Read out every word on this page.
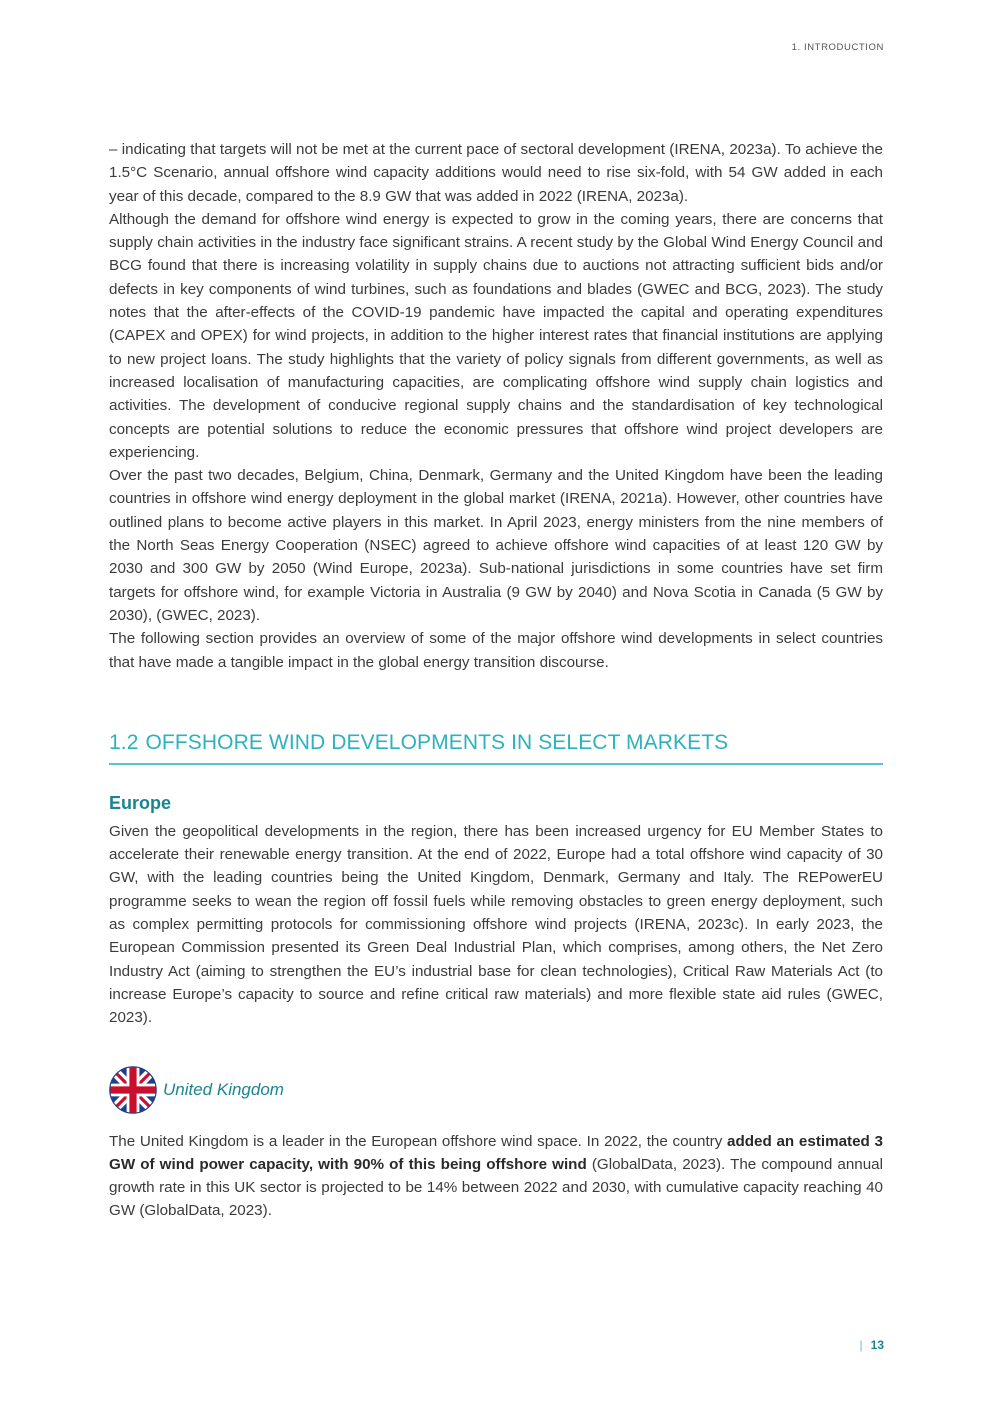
1. INTRODUCTION

– indicating that targets will not be met at the current pace of sectoral development (IRENA, 2023a). To achieve the 1.5°C Scenario, annual offshore wind capacity additions would need to rise six-fold, with 54 GW added in each year of this decade, compared to the 8.9 GW that was added in 2022 (IRENA, 2023a).

Although the demand for offshore wind energy is expected to grow in the coming years, there are concerns that supply chain activities in the industry face significant strains. A recent study by the Global Wind Energy Council and BCG found that there is increasing volatility in supply chains due to auctions not attracting sufficient bids and/or defects in key components of wind turbines, such as foundations and blades (GWEC and BCG, 2023). The study notes that the after-effects of the COVID-19 pandemic have impacted the capital and operating expenditures (CAPEX and OPEX) for wind projects, in addition to the higher interest rates that financial institutions are applying to new project loans. The study highlights that the variety of policy signals from different governments, as well as increased localisation of manufacturing capacities, are complicating offshore wind supply chain logistics and activities. The development of conducive regional supply chains and the standardisation of key technological concepts are potential solutions to reduce the economic pressures that offshore wind project developers are experiencing.

Over the past two decades, Belgium, China, Denmark, Germany and the United Kingdom have been the leading countries in offshore wind energy deployment in the global market (IRENA, 2021a). However, other countries have outlined plans to become active players in this market. In April 2023, energy ministers from the nine members of the North Seas Energy Cooperation (NSEC) agreed to achieve offshore wind capacities of at least 120 GW by 2030 and 300 GW by 2050 (Wind Europe, 2023a). Sub-national jurisdictions in some countries have set firm targets for offshore wind, for example Victoria in Australia (9 GW by 2040) and Nova Scotia in Canada (5 GW by 2030), (GWEC, 2023).

The following section provides an overview of some of the major offshore wind developments in select countries that have made a tangible impact in the global energy transition discourse.

1.2 OFFSHORE WIND DEVELOPMENTS IN SELECT MARKETS
Europe

Given the geopolitical developments in the region, there has been increased urgency for EU Member States to accelerate their renewable energy transition. At the end of 2022, Europe had a total offshore wind capacity of 30 GW, with the leading countries being the United Kingdom, Denmark, Germany and Italy. The REPowerEU programme seeks to wean the region off fossil fuels while removing obstacles to green energy deployment, such as complex permitting protocols for commissioning offshore wind projects (IRENA, 2023c). In early 2023, the European Commission presented its Green Deal Industrial Plan, which comprises, among others, the Net Zero Industry Act (aiming to strengthen the EU’s industrial base for clean technologies), Critical Raw Materials Act (to increase Europe’s capacity to source and refine critical raw materials) and more flexible state aid rules (GWEC, 2023).

United Kingdom

The United Kingdom is a leader in the European offshore wind space. In 2022, the country added an estimated 3 GW of wind power capacity, with 90% of this being offshore wind (GlobalData, 2023). The compound annual growth rate in this UK sector is projected to be 14% between 2022 and 2030, with cumulative capacity reaching 40 GW (GlobalData, 2023).

| 13
